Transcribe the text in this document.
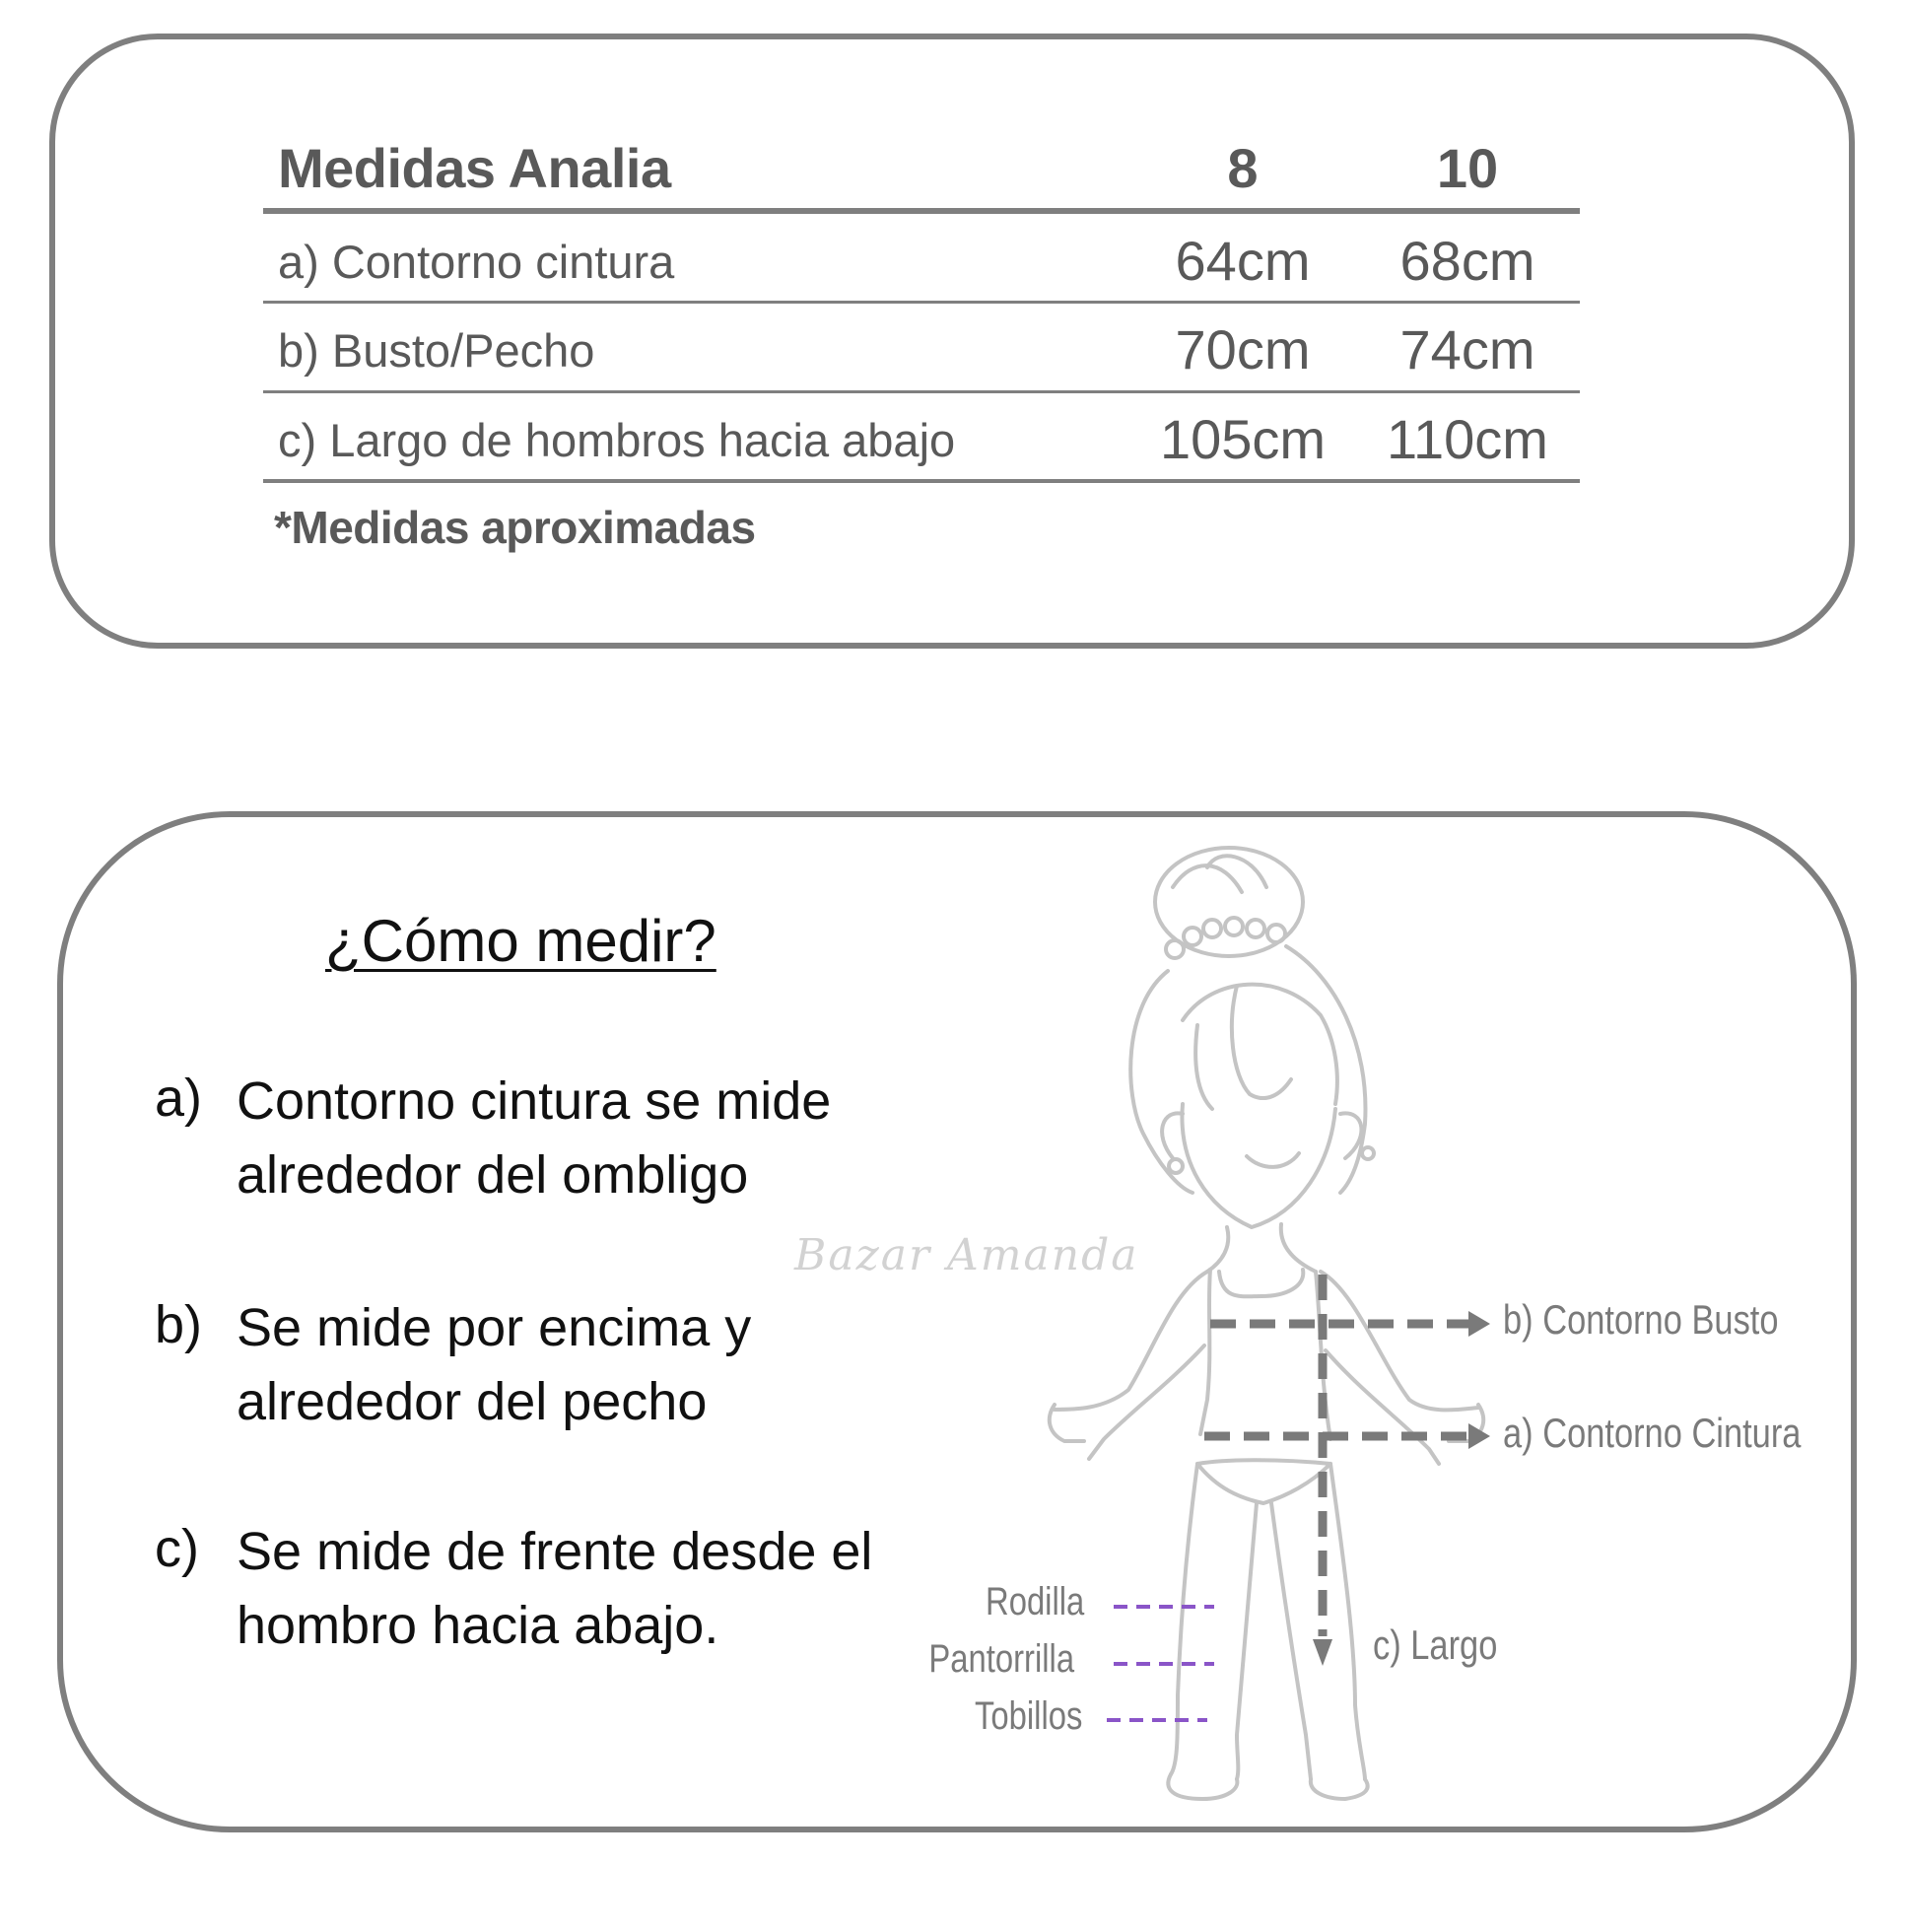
Medidas Analia	8	10
a) Contorno cintura	64cm	68cm
b) Busto/Pecho	70cm	74cm
c) Largo de hombros hacia abajo	105cm	110cm
*Medidas aproximadas
¿Cómo medir?
a) Contorno cintura se mide alrededor del ombligo
b) Se mide por encima y alrededor del pecho
c) Se mide de frente desde el hombro hacia abajo.
Bazar Amanda
b) Contorno Busto
a) Contorno Cintura
c) Largo
Rodilla
Pantorrilla
Tobillos
